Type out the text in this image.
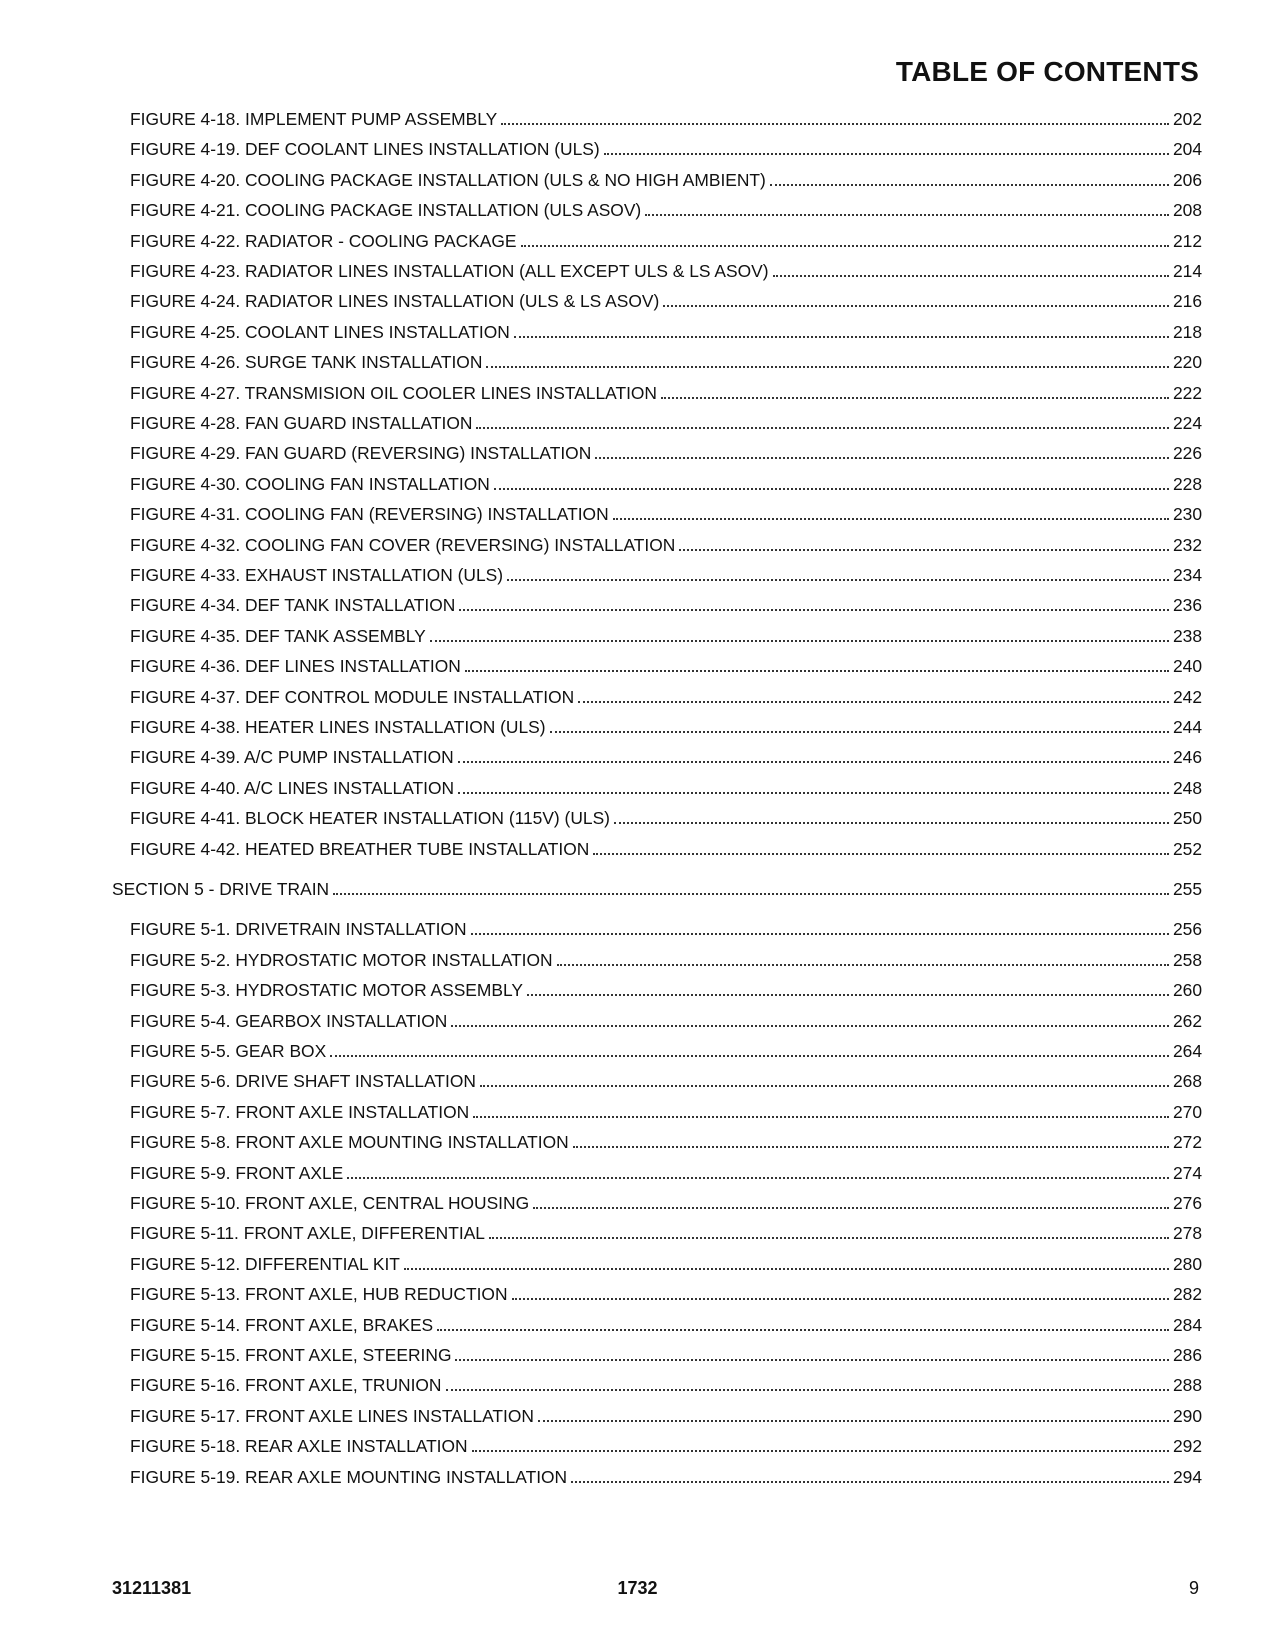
TABLE OF CONTENTS
FIGURE 4-18. IMPLEMENT PUMP ASSEMBLY	202
FIGURE 4-19. DEF COOLANT LINES INSTALLATION (ULS)	204
FIGURE 4-20. COOLING PACKAGE INSTALLATION (ULS & NO HIGH AMBIENT)	206
FIGURE 4-21. COOLING PACKAGE INSTALLATION (ULS ASOV)	208
FIGURE 4-22. RADIATOR - COOLING PACKAGE	212
FIGURE 4-23. RADIATOR LINES INSTALLATION (ALL EXCEPT ULS & LS ASOV)	214
FIGURE 4-24. RADIATOR LINES INSTALLATION (ULS & LS ASOV)	216
FIGURE 4-25. COOLANT LINES INSTALLATION	218
FIGURE 4-26. SURGE TANK INSTALLATION	220
FIGURE 4-27. TRANSMISION OIL COOLER LINES INSTALLATION	222
FIGURE 4-28. FAN GUARD INSTALLATION	224
FIGURE 4-29. FAN GUARD (REVERSING) INSTALLATION	226
FIGURE 4-30. COOLING FAN INSTALLATION	228
FIGURE 4-31. COOLING FAN (REVERSING) INSTALLATION	230
FIGURE 4-32. COOLING FAN COVER (REVERSING) INSTALLATION	232
FIGURE 4-33. EXHAUST INSTALLATION (ULS)	234
FIGURE 4-34. DEF TANK INSTALLATION	236
FIGURE 4-35. DEF TANK ASSEMBLY	238
FIGURE 4-36. DEF LINES INSTALLATION	240
FIGURE 4-37. DEF CONTROL MODULE INSTALLATION	242
FIGURE 4-38. HEATER LINES INSTALLATION (ULS)	244
FIGURE 4-39. A/C PUMP INSTALLATION	246
FIGURE 4-40. A/C LINES INSTALLATION	248
FIGURE 4-41. BLOCK HEATER INSTALLATION (115V) (ULS)	250
FIGURE 4-42. HEATED BREATHER TUBE INSTALLATION	252
SECTION 5 - DRIVE TRAIN	255
FIGURE 5-1. DRIVETRAIN INSTALLATION	256
FIGURE 5-2. HYDROSTATIC MOTOR INSTALLATION	258
FIGURE 5-3. HYDROSTATIC MOTOR ASSEMBLY	260
FIGURE 5-4. GEARBOX INSTALLATION	262
FIGURE 5-5. GEAR BOX	264
FIGURE 5-6. DRIVE SHAFT INSTALLATION	268
FIGURE 5-7. FRONT AXLE INSTALLATION	270
FIGURE 5-8. FRONT AXLE MOUNTING INSTALLATION	272
FIGURE 5-9. FRONT AXLE	274
FIGURE 5-10. FRONT AXLE, CENTRAL HOUSING	276
FIGURE 5-11. FRONT AXLE, DIFFERENTIAL	278
FIGURE 5-12. DIFFERENTIAL KIT	280
FIGURE 5-13. FRONT AXLE, HUB REDUCTION	282
FIGURE 5-14. FRONT AXLE, BRAKES	284
FIGURE 5-15. FRONT AXLE, STEERING	286
FIGURE 5-16. FRONT AXLE, TRUNION	288
FIGURE 5-17. FRONT AXLE LINES INSTALLATION	290
FIGURE 5-18. REAR AXLE INSTALLATION	292
FIGURE 5-19. REAR AXLE MOUNTING INSTALLATION	294
31211381	1732	9
